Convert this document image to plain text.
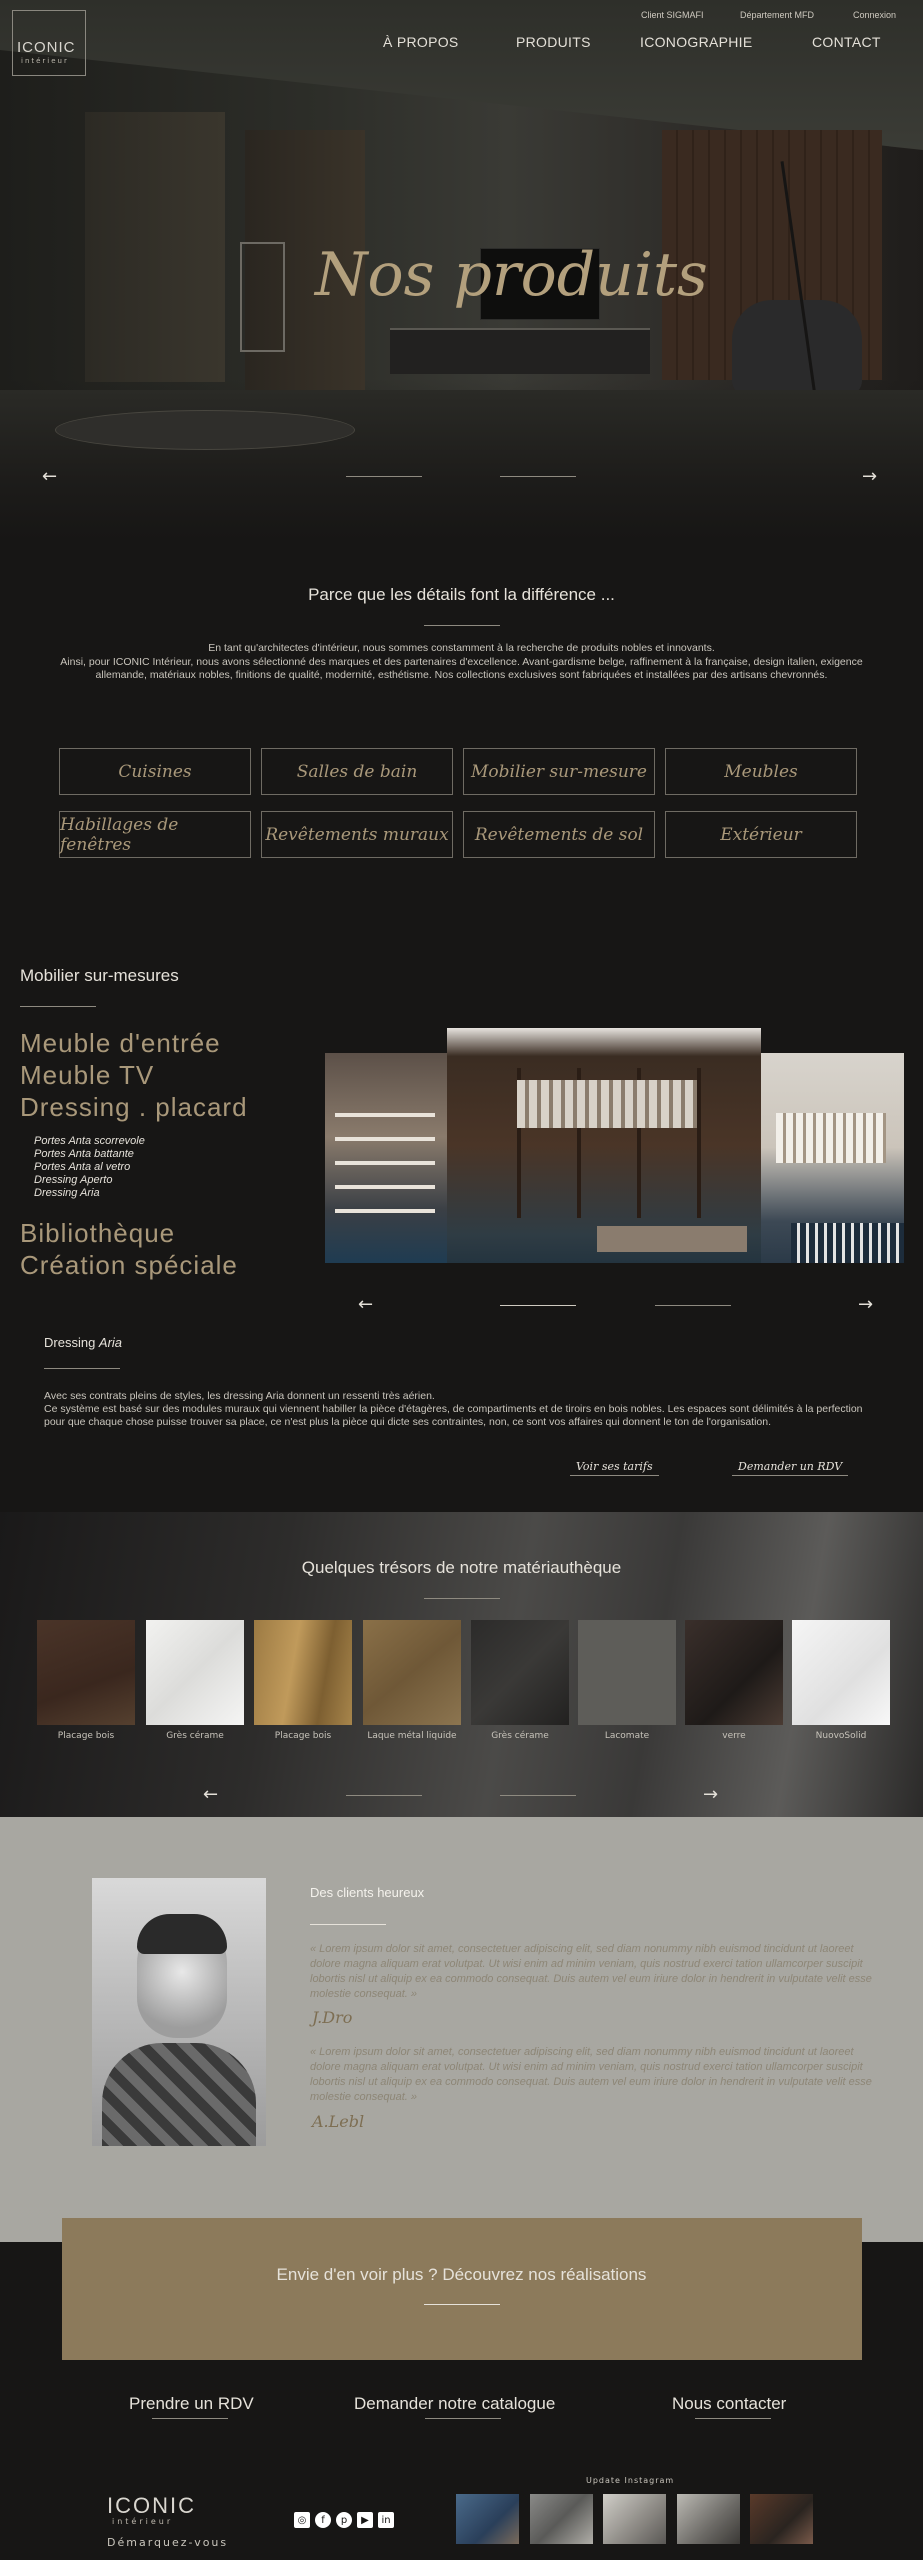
Client SIGMAFI	Département MFD	Connexion
ICONIC
intérieur
À PROPOS	PRODUITS	ICONOGRAPHIE	CONTACT
Nos produits
←	→
Parce que les détails font la différence ...
En tant qu'architectes d'intérieur, nous sommes constamment à la recherche de produits nobles et innovants.
Ainsi, pour ICONIC Intérieur, nous avons sélectionné des marques et des partenaires d'excellence. Avant-gardisme belge, raffinement à la française, design italien, exigence allemande, matériaux nobles, finitions de qualité, modernité, esthétisme. Nos collections exclusives sont fabriquées et installées par des artisans chevronnés.
Cuisines	Salles de bain	Mobilier sur-mesure	Meubles
Habillages de fenêtres	Revêtements muraux	Revêtements de sol	Extérieur
Mobilier sur-mesures
Meuble d'entrée
Meuble TV
Dressing . placard
Portes Anta scorrevole
Portes Anta battante
Portes Anta al vetro
Dressing Aperto
Dressing Aria
Bibliothèque
Création spéciale
←	→
Dressing Aria
Avec ses contrats pleins de styles, les dressing Aria donnent un ressenti très aérien.
Ce système est basé sur des modules muraux qui viennent habiller la pièce d'étagères, de compartiments et de tiroirs en bois nobles. Les espaces sont délimités à la perfection pour que chaque chose puisse trouver sa place, ce n'est plus la pièce qui dicte ses contraintes, non, ce sont vos affaires qui donnent le ton de l'organisation.
Voir ses tarifs	Demander un RDV
Quelques trésors de notre matériauthèque
Placage bois	Grès cérame	Placage bois	Laque métal liquide	Grès cérame	Lacomate	verre	NuovoSolid
←	→
Des clients heureux
« Lorem ipsum dolor sit amet, consectetuer adipiscing elit, sed diam nonummy nibh euismod tincidunt ut laoreet dolore magna aliquam erat volutpat. Ut wisi enim ad minim veniam, quis nostrud exerci tation ullamcorper suscipit lobortis nisl ut aliquip ex ea commodo consequat. Duis autem vel eum iriure dolor in hendrerit in vulputate velit esse molestie consequat. »
J.Dro
« Lorem ipsum dolor sit amet, consectetuer adipiscing elit, sed diam nonummy nibh euismod tincidunt ut laoreet dolore magna aliquam erat volutpat. Ut wisi enim ad minim veniam, quis nostrud exerci tation ullamcorper suscipit lobortis nisl ut aliquip ex ea commodo consequat. Duis autem vel eum iriure dolor in hendrerit in vulputate velit esse molestie consequat. »
A.Lebl
Envie d'en voir plus ? Découvrez nos réalisations
Prendre un RDV	Demander notre catalogue	Nous contacter
ICONIC
intérieur
Démarquez-vous
◎	f	p	▶	in
Update Instagram
